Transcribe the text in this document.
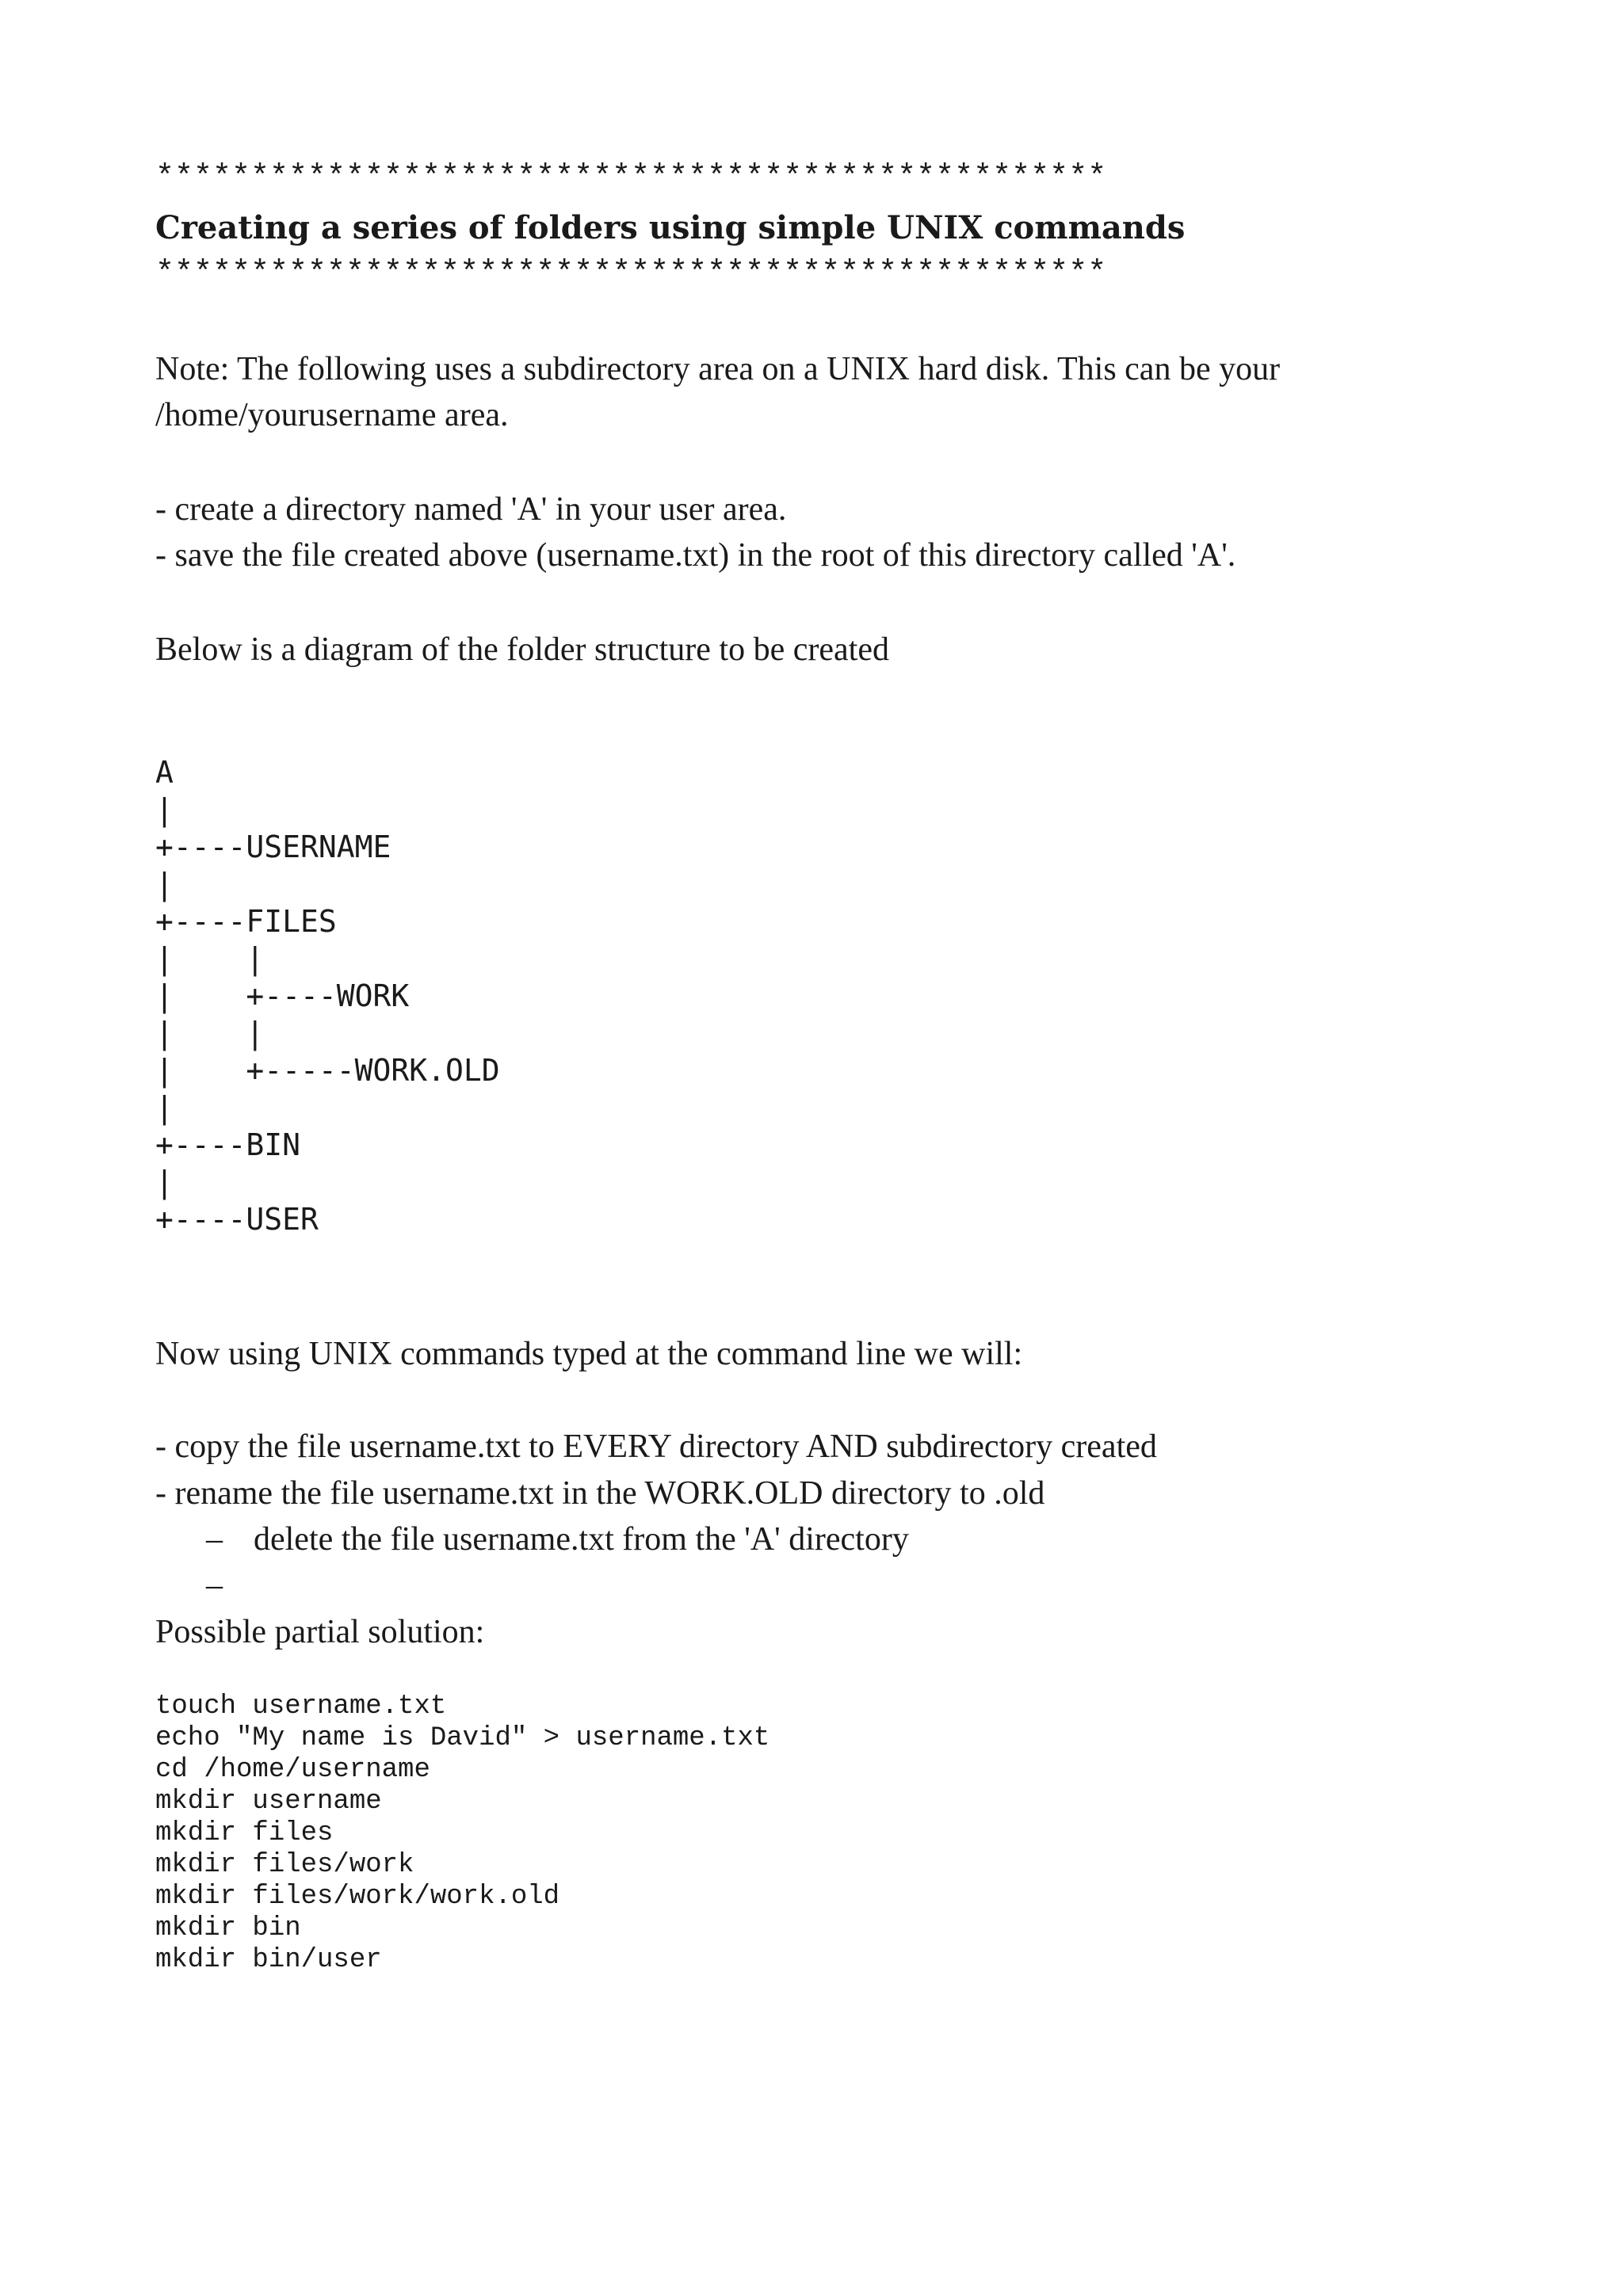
**************************************************
Creating a series of folders using simple UNIX commands
**************************************************
Note: The following uses a subdirectory area on a UNIX hard disk. This can be your
/home/yourusername area.
- create a directory named 'A' in your user area.
- save the file created above (username.txt) in the root of this directory called 'A'.
Below is a diagram of the folder structure to be created
A
|
+----USERNAME
|
+----FILES
|    |
|    +----WORK
|    |
|    +-----WORK.OLD
|
+----BIN
|
+----USER
Now using UNIX commands typed at the command line we will:
- copy the file username.txt to EVERY directory AND subdirectory created
- rename the file username.txt in the WORK.OLD directory to .old
– delete the file username.txt from the 'A' directory
–
Possible partial solution:
touch username.txt
echo "My name is David" > username.txt
cd /home/username
mkdir username
mkdir files
mkdir files/work
mkdir files/work/work.old
mkdir bin
mkdir bin/user
